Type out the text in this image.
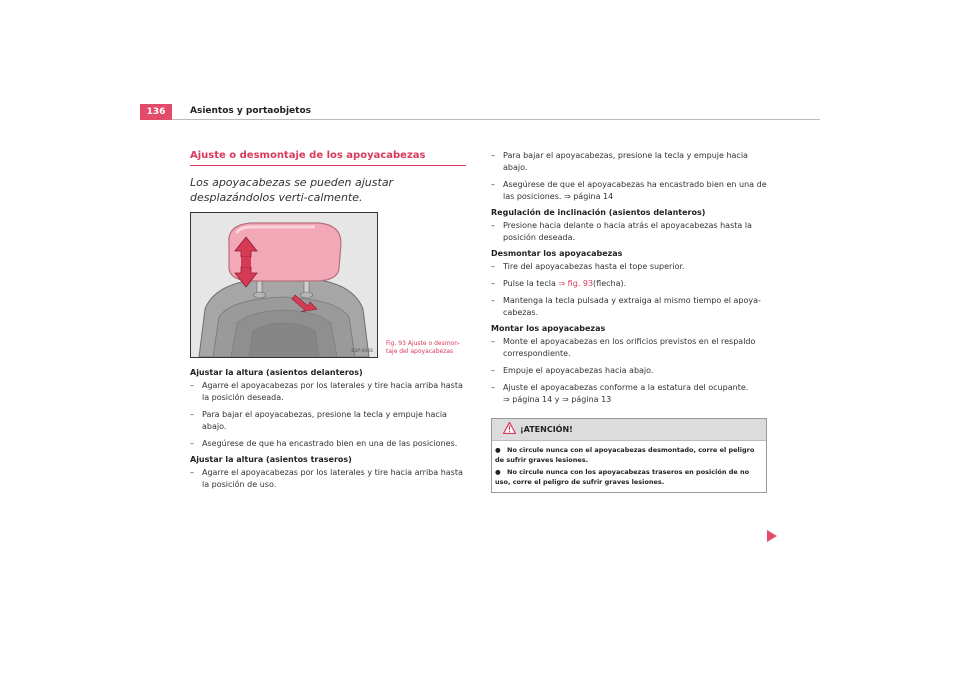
136	Asientos y portaobjetos
Ajuste o desmontaje de los apoyacabezas

Los apoyacabezas se pueden ajustar desplazándolos verti-calmente.

B5P-0066
Fig. 93 Ajuste o desmon-taje del apoyacabezas
Ajustar la altura (asientos delanteros)
– Agarre el apoyacabezas por los laterales y tire hacia arriba hasta la posición deseada.
– Para bajar el apoyacabezas, presione la tecla y empuje hacia abajo.
– Asegúrese de que ha encastrado bien en una de las posiciones.
Ajustar la altura (asientos traseros)
– Agarre el apoyacabezas por los laterales y tire hacia arriba hasta la posición de uso.
– Para bajar el apoyacabezas, presione la tecla y empuje hacia abajo.
– Asegúrese de que el apoyacabezas ha encastrado bien en una de las posiciones. ⇒ página 14
Regulación de inclinación (asientos delanteros)
– Presione hacia delante o hacia atrás el apoyacabezas hasta la posición deseada.
Desmontar los apoyacabezas
– Tire del apoyacabezas hasta el tope superior.
– Pulse la tecla ⇒ fig. 93(flecha).
– Mantenga la tecla pulsada y extraiga al mismo tiempo el apoya-cabezas.
Montar los apoyacabezas
– Monte el apoyacabezas en los orificios previstos en el respaldo correspondiente.
– Empuje el apoyacabezas hacia abajo.
– Ajuste el apoyacabezas conforme a la estatura del ocupante.
⇒ página 14 y ⇒ página 13
¡ATENCIÓN!
● No circule nunca con el apoyacabezas desmontado, corre el peligro de sufrir graves lesiones.
● No circule nunca con los apoyacabezas traseros en posición de no uso, corre el peligro de sufrir graves lesiones.
